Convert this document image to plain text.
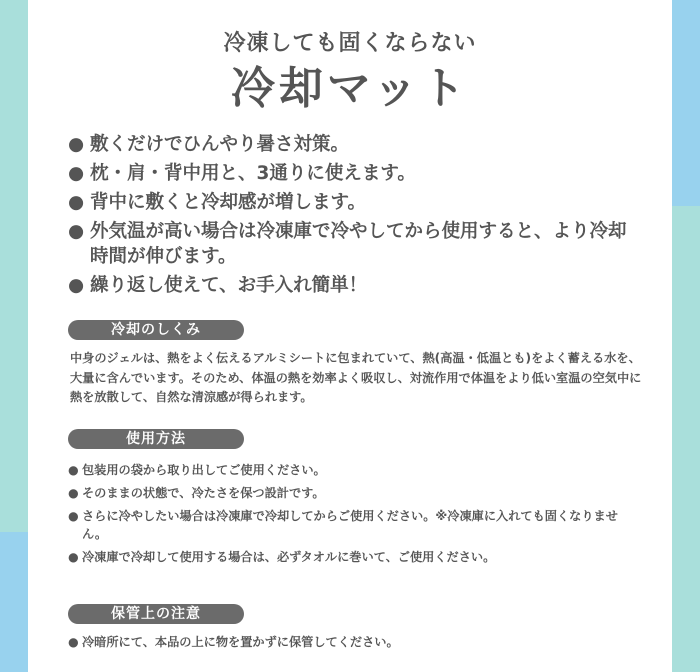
冷凍しても固くならない
冷却マット
● 敷くだけでひんやり暑さ対策。
● 枕・肩・背中用と、3通りに使えます。
● 背中に敷くと冷却感が増します。
● 外気温が高い場合は冷凍庫で冷やしてから使用すると、より冷却時間が伸びます。
● 繰り返し使えて、お手入れ簡単！
冷却のしくみ
中身のジェルは、熱をよく伝えるアルミシートに包まれていて、熱(高温・低温とも)をよく蓄える水を、大量に含んでいます。そのため、体温の熱を効率よく吸収し、対流作用で体温をより低い室温の空気中に熱を放散して、自然な清涼感が得られます。
使用方法
● 包装用の袋から取り出してご使用ください。
● そのままの状態で、冷たさを保つ設計です。
● さらに冷やしたい場合は冷凍庫で冷却してからご使用ください。※冷凍庫に入れても固くなりません。
● 冷凍庫で冷却して使用する場合は、必ずタオルに巻いて、ご使用ください。
保管上の注意
● 冷暗所にて、本品の上に物を置かずに保管してください。
